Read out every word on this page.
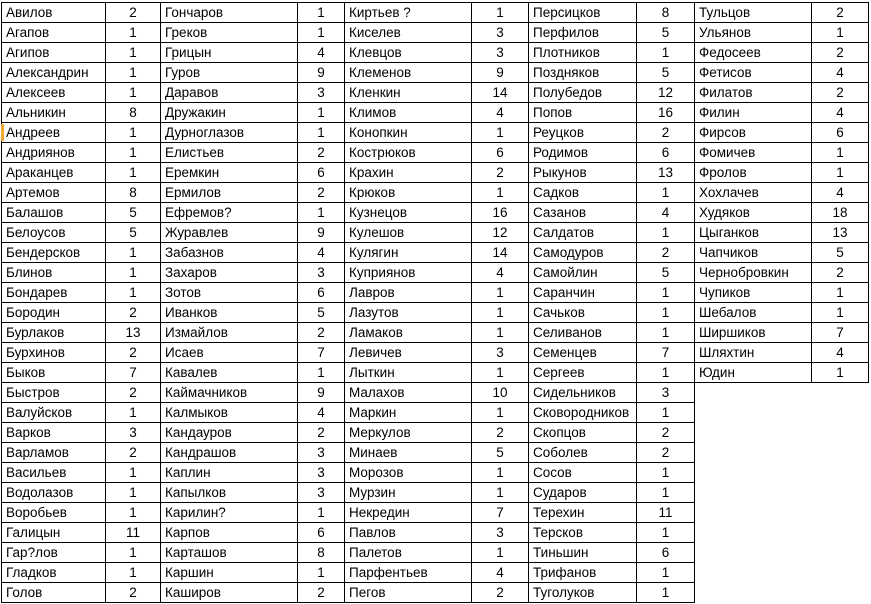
Авилов	2
Агапов	1
Агипов	1
Александрин	1
Алексеев	1
Альникин	8
Андреев	1
Андриянов	1
Араканцев	1
Артемов	8
Балашов	5
Белоусов	5
Бендерсков	1
Блинов	1
Бондарев	1
Бородин	2
Бурлаков	13
Бурхинов	2
Быков	7
Быстров	2
Валуйсков	1
Варков	3
Варламов	2
Васильев	1
Водолазов	1
Воробьев	1
Галицын	11
Гар?лов	1
Гладков	1
Голов	2
Гончаров	1
Греков	1
Грицын	4
Гуров	9
Даравов	3
Дружакин	1
Дурноглазов	1
Елистьев	2
Еремкин	6
Ермилов	2
Ефремов?	1
Журавлев	9
Забазнов	4
Захаров	3
Зотов	6
Иванков	5
Измайлов	2
Исаев	7
Кавалев	1
Каймачников	9
Калмыков	4
Кандауров	2
Кандрашов	3
Каплин	3
Капылков	3
Карилин?	1
Карпов	6
Карташов	8
Каршин	1
Каширов	2
Киртьев ?	1
Киселев	3
Клевцов	3
Клеменов	9
Кленкин	14
Климов	4
Конопкин	1
Кострюков	6
Крахин	2
Крюков	1
Кузнецов	16
Кулешов	12
Кулягин	14
Куприянов	4
Лавров	1
Лазутов	1
Ламаков	1
Левичев	3
Лыткин	1
Малахов	10
Маркин	1
Меркулов	2
Минаев	5
Морозов	1
Мурзин	1
Некредин	7
Павлов	3
Палетов	1
Парфентьев	4
Пегов	2
Персицков	8
Перфилов	5
Плотников	1
Поздняков	5
Полубедов	12
Попов	16
Реуцков	2
Родимов	6
Рыкунов	13
Садков	1
Сазанов	4
Салдатов	1
Самодуров	2
Самойлин	5
Саранчин	1
Сачьков	1
Селиванов	1
Семенцев	7
Сергеев	1
Сидельников	3
Сковородников	1
Скопцов	2
Соболев	2
Сосов	1
Сударов	1
Терехин	11
Терсков	1
Тиньшин	6
Трифанов	1
Туголуков	1
Тульцов	2
Ульянов	1
Федосеев	2
Фетисов	4
Филатов	2
Филин	4
Фирсов	6
Фомичев	1
Фролов	1
Хохлачев	4
Худяков	18
Цыганков	13
Чапчиков	5
Чернобровкин	2
Чупиков	1
Шебалов	1
Ширшиков	7
Шляхтин	4
Юдин	1
